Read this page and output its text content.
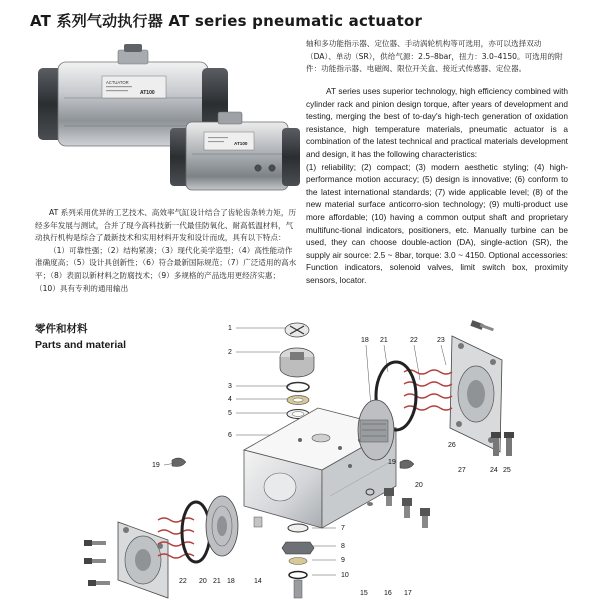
AT 系列气动执行器 AT series pneumatic actuator
ACTUATOR
AT100
AT100
轴和多功能指示器、定位器、手动涡轮机构等可选用，亦可以选择双动（DA）、单动（SR），供给气源：2.5–8bar，扭力：3.0–4150。可选用的附件：功能指示器、电磁阀、限位开关盒、接近式传感器、定位器。
AT series uses superior technology, high efficiency combined with cylinder rack and pinion design torque, after years of development and testing, merging the best of to-day's high-tech generation of oxidation resistance, high temperature materials, pneumatic actuator is a combination of the latest technical and practical materials development and design, it has the following characteristics:
(1) reliability; (2) compact; (3) modern aesthetic styling; (4) high-performance motion accuracy; (5) design is innovative; (6) conform to the latest international standards; (7) wide applicable level; (8) of the new material surface anticorro-sion technology; (9) multi-product use more affordable; (10) having a common output shaft and proprietary multifunc-tional indicators, positioners, etc. Manually turbine can be used, they can choose double-action (DA), single-action (SR), the supply air source: 2.5 ~ 8bar, torque: 3.0 ~ 4150. Optional accessories: Function indicators, solenoid valves, limit switch box, proximity sensors, locator.

AT 系列采用优异的工艺技术、高效率气缸设计结合了齿轮齿条转力矩，历经多年发展与测试，合并了现今高科技新一代最佳防氧化、耐高低温材料，气动执行机构是综合了最新技术和实用材料开发和设计而成，具有以下特点：

（1）可靠性强；（2）结构紧凑；（3）现代化美学造型；（4）高性能动作准确度高；（5）设计具创新性；（6）符合最新国际规范；（7）广泛适用的高水平；（8）表面以新材料之防腐技术；（9）多规格的产品选用更经济实惠；（10）具有专利的通用输出

零件和材料
Parts and material
1
2
3
4
5
6
19
22 20 21 18	14
15 16 17
7
8
9
10
18 21	22	23
26
27	24 25
20
19
